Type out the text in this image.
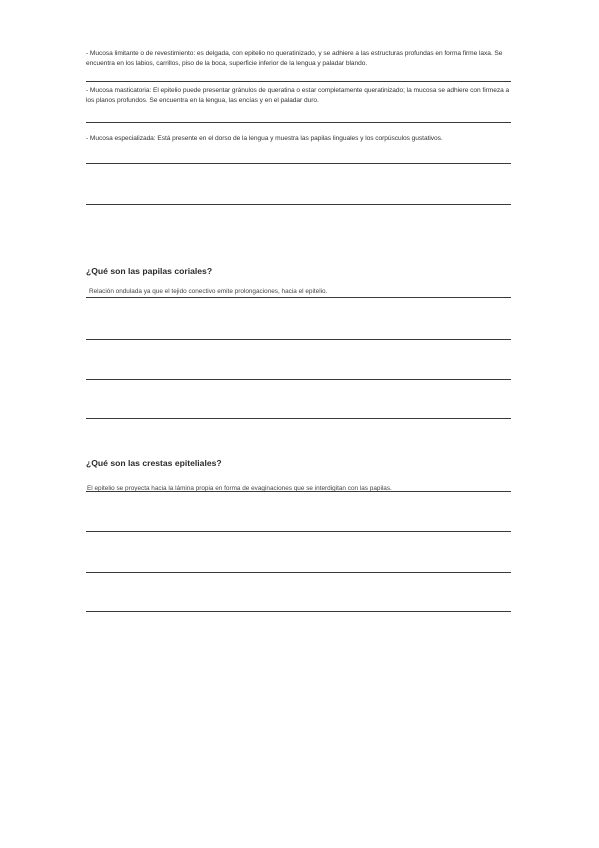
- Mucosa limitante o de revestimiento: es delgada, con epitelio no queratinizado, y se adhiere a las estructuras profundas en forma firme laxa. Se encuentra en los labios, carrillos, piso de la boca, superficie inferior de la lengua y paladar blando.
- Mucosa masticatoria: El epitelio puede presentar gránulos de queratina o estar completamente queratinizado; la mucosa se adhiere con firmeza a los planos profundos. Se encuentra en la lengua, las encías y en el paladar duro.
- Mucosa especializada: Está presente en el dorso de la lengua y muestra las papilas linguales y los corpúsculos gustativos.
¿Qué son las papilas coriales?
Relación ondulada ya que el tejido conectivo emite prolongaciones, hacia el epitelio.
¿Qué son las crestas epiteliales?
El epitelio se proyecta hacia la lámina propia en forma de evaginaciones que se interdigitan con las papilas.
